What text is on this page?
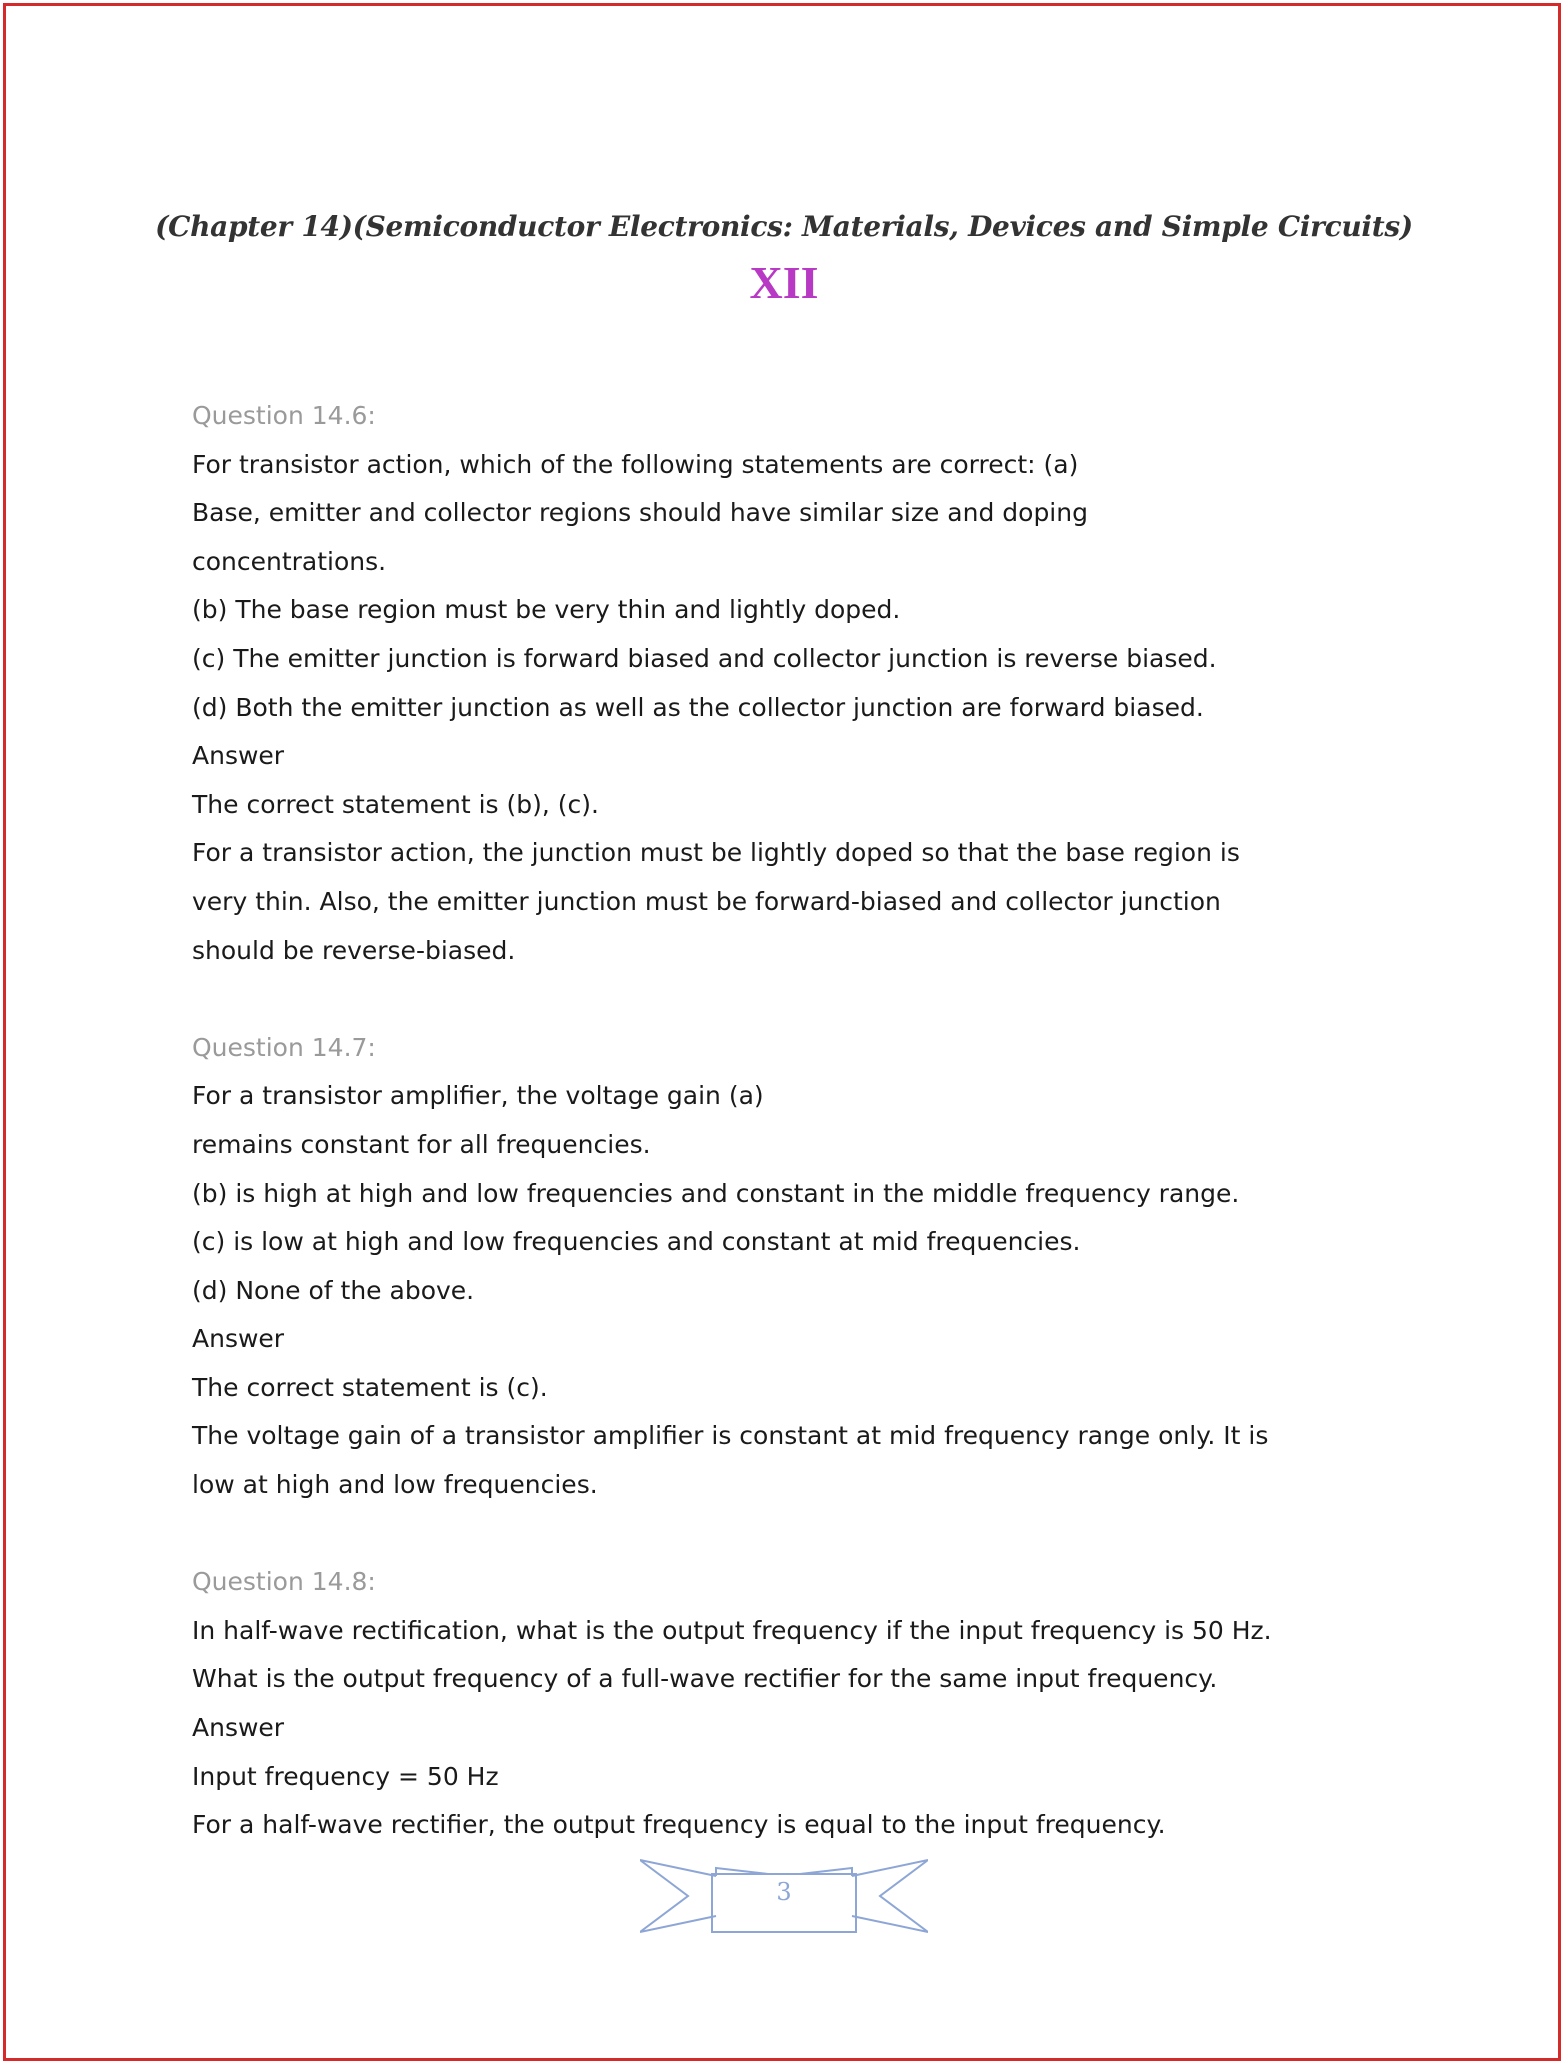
(Chapter 14)(Semiconductor Electronics: Materials, Devices and Simple Circuits)
XII
Question 14.6:
For transistor action, which of the following statements are correct: (a)
Base, emitter and collector regions should have similar size and doping
concentrations.
(b) The base region must be very thin and lightly doped.
(c) The emitter junction is forward biased and collector junction is reverse biased.
(d) Both the emitter junction as well as the collector junction are forward biased.
Answer
The correct statement is (b), (c).
For a transistor action, the junction must be lightly doped so that the base region is
very thin. Also, the emitter junction must be forward-biased and collector junction
should be reverse-biased.
Question 14.7:
For a transistor amplifier, the voltage gain (a)
remains constant for all frequencies.
(b) is high at high and low frequencies and constant in the middle frequency range.
(c) is low at high and low frequencies and constant at mid frequencies.
(d) None of the above.
Answer
The correct statement is (c).
The voltage gain of a transistor amplifier is constant at mid frequency range only. It is
low at high and low frequencies.
Question 14.8:
In half-wave rectification, what is the output frequency if the input frequency is 50 Hz.
What is the output frequency of a full-wave rectifier for the same input frequency.
Answer
Input frequency = 50 Hz
For a half-wave rectifier, the output frequency is equal to the input frequency.
3
